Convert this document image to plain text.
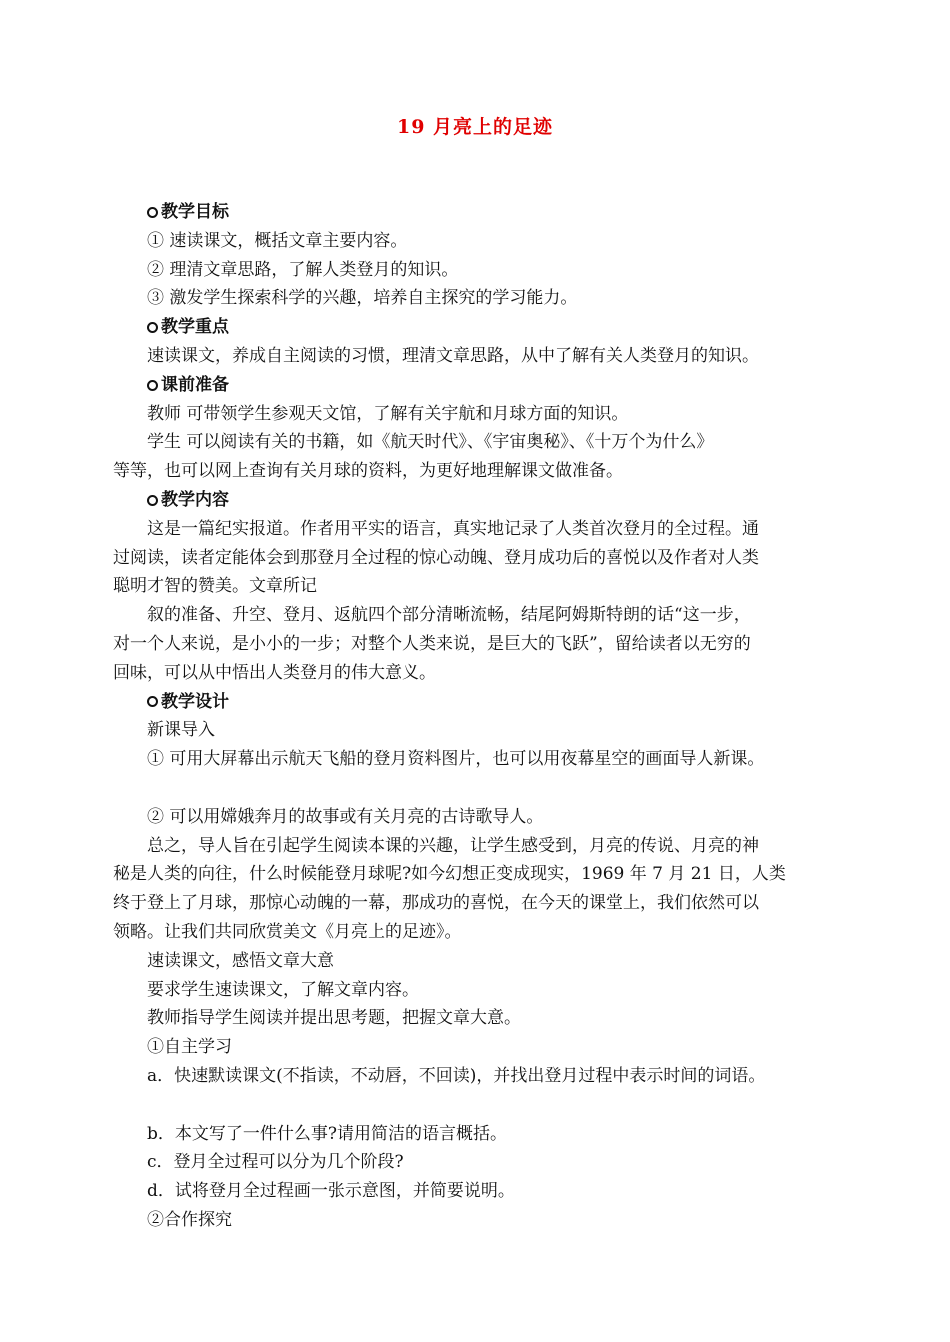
19 月亮上的足迹

教学目标

① 速读课文，概括文章主要内容。

② 理清文章思路，了解人类登月的知识。

③ 激发学生探索科学的兴趣，培养自主探究的学习能力。

教学重点

速读课文，养成自主阅读的习惯，理清文章思路，从中了解有关人类登月的知识。

课前准备

教师 可带领学生参观天文馆，了解有关宇航和月球方面的知识。

学生 可以阅读有关的书籍，如《航天时代》、《宇宙奥秘》、《十万个为什么》

等等，也可以网上查询有关月球的资料，为更好地理解课文做准备。

教学内容

这是一篇纪实报道。作者用平实的语言，真实地记录了人类首次登月的全过程。通

过阅读，读者定能体会到那登月全过程的惊心动魄、登月成功后的喜悦以及作者对人类

聪明才智的赞美。文章所记

叙的准备、升空、登月、返航四个部分清晰流畅，结尾阿姆斯特朗的话“这一步，

对一个人来说，是小小的一步；对整个人类来说，是巨大的飞跃”，留给读者以无穷的

回味，可以从中悟出人类登月的伟大意义。

教学设计

新课导入

① 可用大屏幕出示航天飞船的登月资料图片，也可以用夜幕星空的画面导人新课。

② 可以用嫦娥奔月的故事或有关月亮的古诗歌导人。

总之，导人旨在引起学生阅读本课的兴趣，让学生感受到，月亮的传说、月亮的神

秘是人类的向往，什么时候能登月球呢?如今幻想正变成现实，1969 年 7 月 21 日，人类

终于登上了月球，那惊心动魄的一幕，那成功的喜悦，在今天的课堂上，我们依然可以

领略。让我们共同欣赏美文《月亮上的足迹》。

速读课文，感悟文章大意

要求学生速读课文，了解文章内容。

教师指导学生阅读并提出思考题，把握文章大意。

①自主学习

a．快速默读课文(不指读，不动唇，不回读)，并找出登月过程中表示时间的词语。

b．本文写了一件什么事?请用简洁的语言概括。

c．登月全过程可以分为几个阶段?

d．试将登月全过程画一张示意图，并简要说明。

②合作探究
